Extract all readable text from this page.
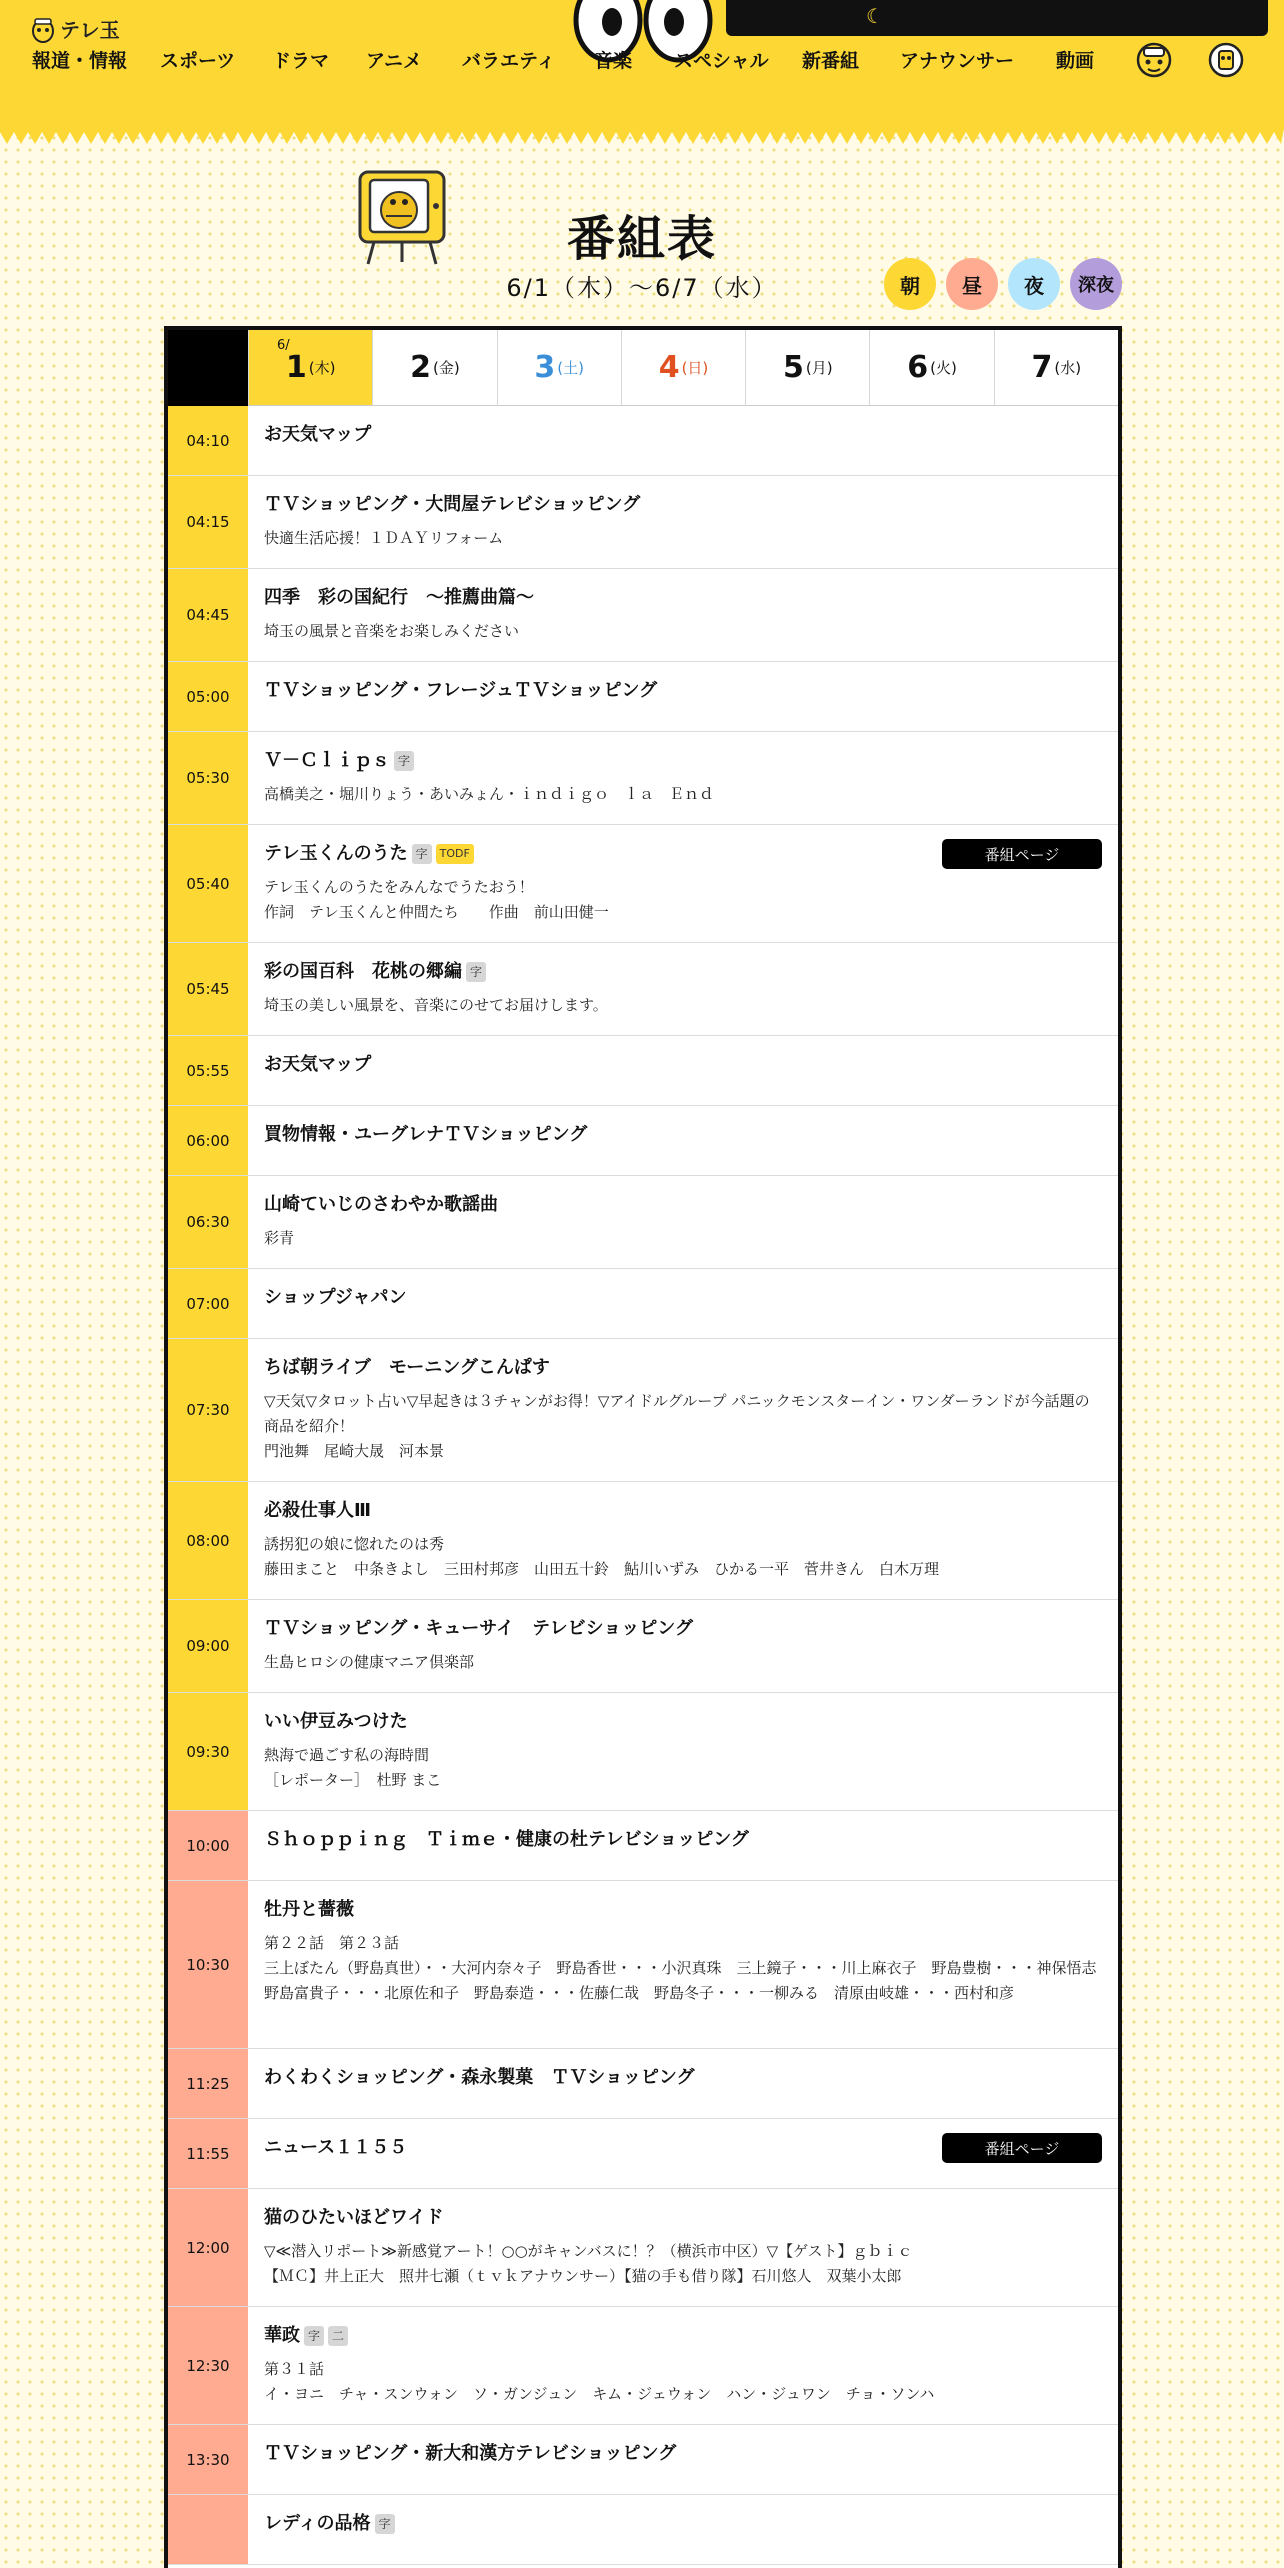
テレ玉
☾
報道・情報 スポーツ ドラマ アニメ バラエティ 音楽 スペシャル 新番組 アナウンサー 動画
番組表
6/1（木）〜6/7（水）	朝	昼	夜	深夜
6/
1 (木) 2 (金) 3 (土) 4 (日) 5 (月) 6 (火) 7 (水)
04:10	お天気マップ
04:15
ＴＶショッピング・大問屋テレビショッピング
快適生活応援！１ＤＡＹリフォーム
04:45
四季　彩の国紀行　～推薦曲篇～
埼玉の風景と音楽をお楽しみください
05:00	ＴＶショッピング・フレージュＴＶショッピング
05:30
Ｖ－Ｃｌｉｐｓ 字
高橋美之・堀川りょう・あいみょん・ｉｎｄｉｇｏ　ｌａ　Ｅｎｄ
05:40
テレ玉くんのうた 字	TODF
テレ玉くんのうたをみんなでうたおう！
作詞　テレ玉くんと仲間たち　　作曲　前山田健一
番組ページ
05:45
彩の国百科　花桃の郷編 字
埼玉の美しい風景を、音楽にのせてお届けします。
05:55	お天気マップ
06:00	買物情報・ユーグレナＴＶショッピング
06:30
山崎ていじのさわやか歌謡曲
彩青
07:00	ショップジャパン
07:30
ちば朝ライブ　モーニングこんぱす
▽天気▽タロット占い▽早起きは３チャンがお得！▽アイドルグループ パニックモンスターイン・ワンダーランドが今話題の商品を紹介！
門池舞　尾崎大晟　河本景
08:00
必殺仕事人Ⅲ
誘拐犯の娘に惚れたのは秀
藤田まこと　中条きよし　三田村邦彦　山田五十鈴　鮎川いずみ　ひかる一平　菅井きん　白木万理
09:00
ＴＶショッピング・キューサイ　テレビショッピング
生島ヒロシの健康マニア倶楽部
09:30
いい伊豆みつけた
熱海で過ごす私の海時間
［レポーター］　杜野 まこ
10:00	Ｓｈｏｐｐｉｎｇ　Ｔｉｍｅ・健康の杜テレビショッピング
10:30
牡丹と薔薇
第２２話　第２３話
三上ぼたん（野島真世）・・大河内奈々子　野島香世・・・小沢真珠　三上鏡子・・・川上麻衣子　野島豊樹・・・神保悟志　野島富貴子・・・北原佐和子　野島泰造・・・佐藤仁哉　野島冬子・・・一柳みる　清原由岐雄・・・西村和彦
11:25	わくわくショッピング・森永製菓　ＴＶショッピング
11:55	ニュース１１５５	番組ページ
12:00
猫のひたいほどワイド
▽≪潜入リポート≫新感覚アート！○○がキャンバスに！？（横浜市中区）▽【ゲスト】ｇｂｉｃ
【ＭＣ】井上正大　照井七瀬（ｔｖｋアナウンサー）【猫の手も借り隊】石川悠人　双葉小太郎
12:30
華政 字	二
第３１話
イ・ヨニ　チャ・スンウォン　ソ・ガンジュン　キム・ジェウォン　ハン・ジュワン　チョ・ソンハ
13:30	ＴＶショッピング・新大和漢方テレビショッピング
レディの品格 字
